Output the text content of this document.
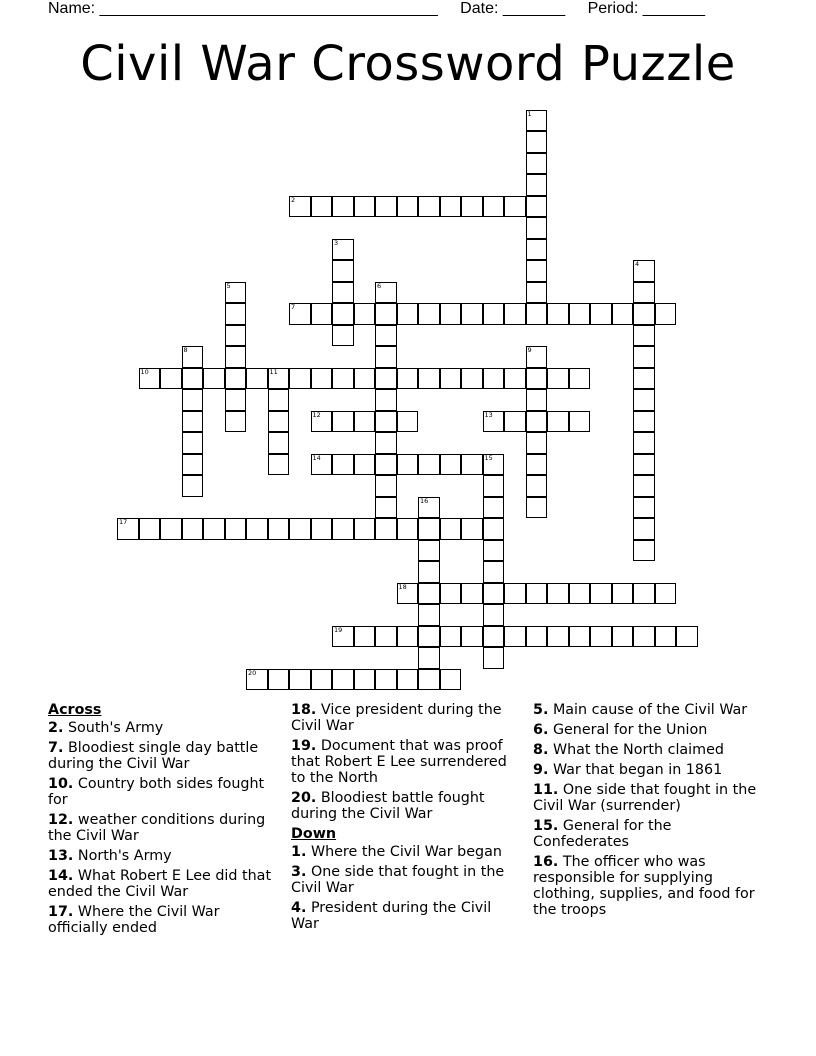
Name: ______________________________________ Date: _______ Period: _______
Civil War Crossword Puzzle
1
2
3
4
5	6
7
8	9
10	11
12	13
14	15
16
17
18
19
20
Across
2. South's Army
7. Bloodiest single day battle during the Civil War
10. Country both sides fought for
12. weather conditions during the Civil War
13. North's Army
14. What Robert E Lee did that ended the Civil War
17. Where the Civil War officially ended
18. Vice president during the Civil War
19. Document that was proof that Robert E Lee surrendered to the North
20. Bloodiest battle fought during the Civil War
Down
1. Where the Civil War began
3. One side that fought in the Civil War
4. President during the Civil War
5. Main cause of the Civil War
6. General for the Union
8. What the North claimed
9. War that began in 1861
11. One side that fought in the Civil War (surrender)
15. General for the Confederates
16. The officer who was responsible for supplying clothing, supplies, and food for the troops
